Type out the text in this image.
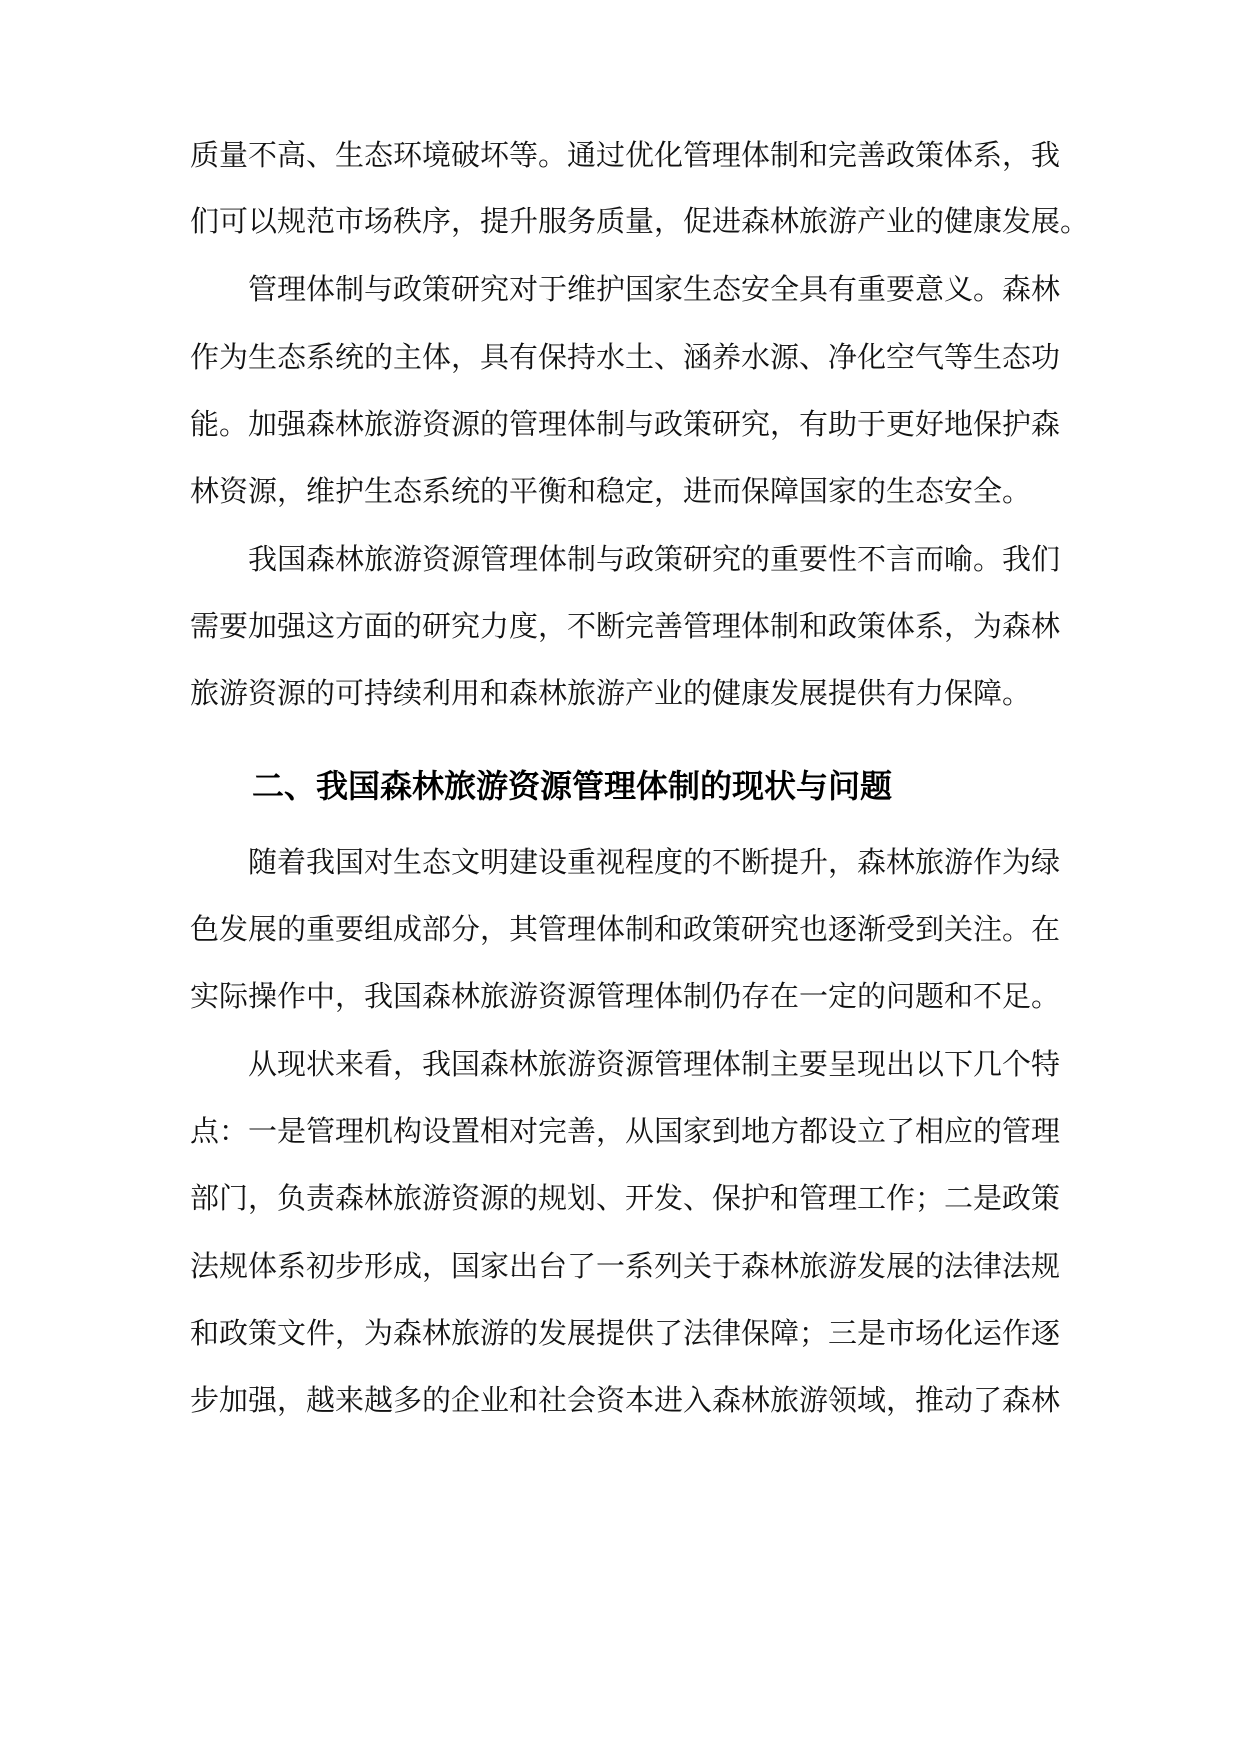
质量不高、生态环境破坏等。通过优化管理体制和完善政策体系，我
们可以规范市场秩序，提升服务质量，促进森林旅游产业的健康发展。
管理体制与政策研究对于维护国家生态安全具有重要意义。森林
作为生态系统的主体，具有保持水土、涵养水源、净化空气等生态功
能。加强森林旅游资源的管理体制与政策研究，有助于更好地保护森
林资源，维护生态系统的平衡和稳定，进而保障国家的生态安全。
我国森林旅游资源管理体制与政策研究的重要性不言而喻。我们
需要加强这方面的研究力度，不断完善管理体制和政策体系，为森林
旅游资源的可持续利用和森林旅游产业的健康发展提供有力保障。
二、我国森林旅游资源管理体制的现状与问题
随着我国对生态文明建设重视程度的不断提升，森林旅游作为绿
色发展的重要组成部分，其管理体制和政策研究也逐渐受到关注。在
实际操作中，我国森林旅游资源管理体制仍存在一定的问题和不足。
从现状来看，我国森林旅游资源管理体制主要呈现出以下几个特
点：一是管理机构设置相对完善，从国家到地方都设立了相应的管理
部门，负责森林旅游资源的规划、开发、保护和管理工作；二是政策
法规体系初步形成，国家出台了一系列关于森林旅游发展的法律法规
和政策文件，为森林旅游的发展提供了法律保障；三是市场化运作逐
步加强，越来越多的企业和社会资本进入森林旅游领域，推动了森林
